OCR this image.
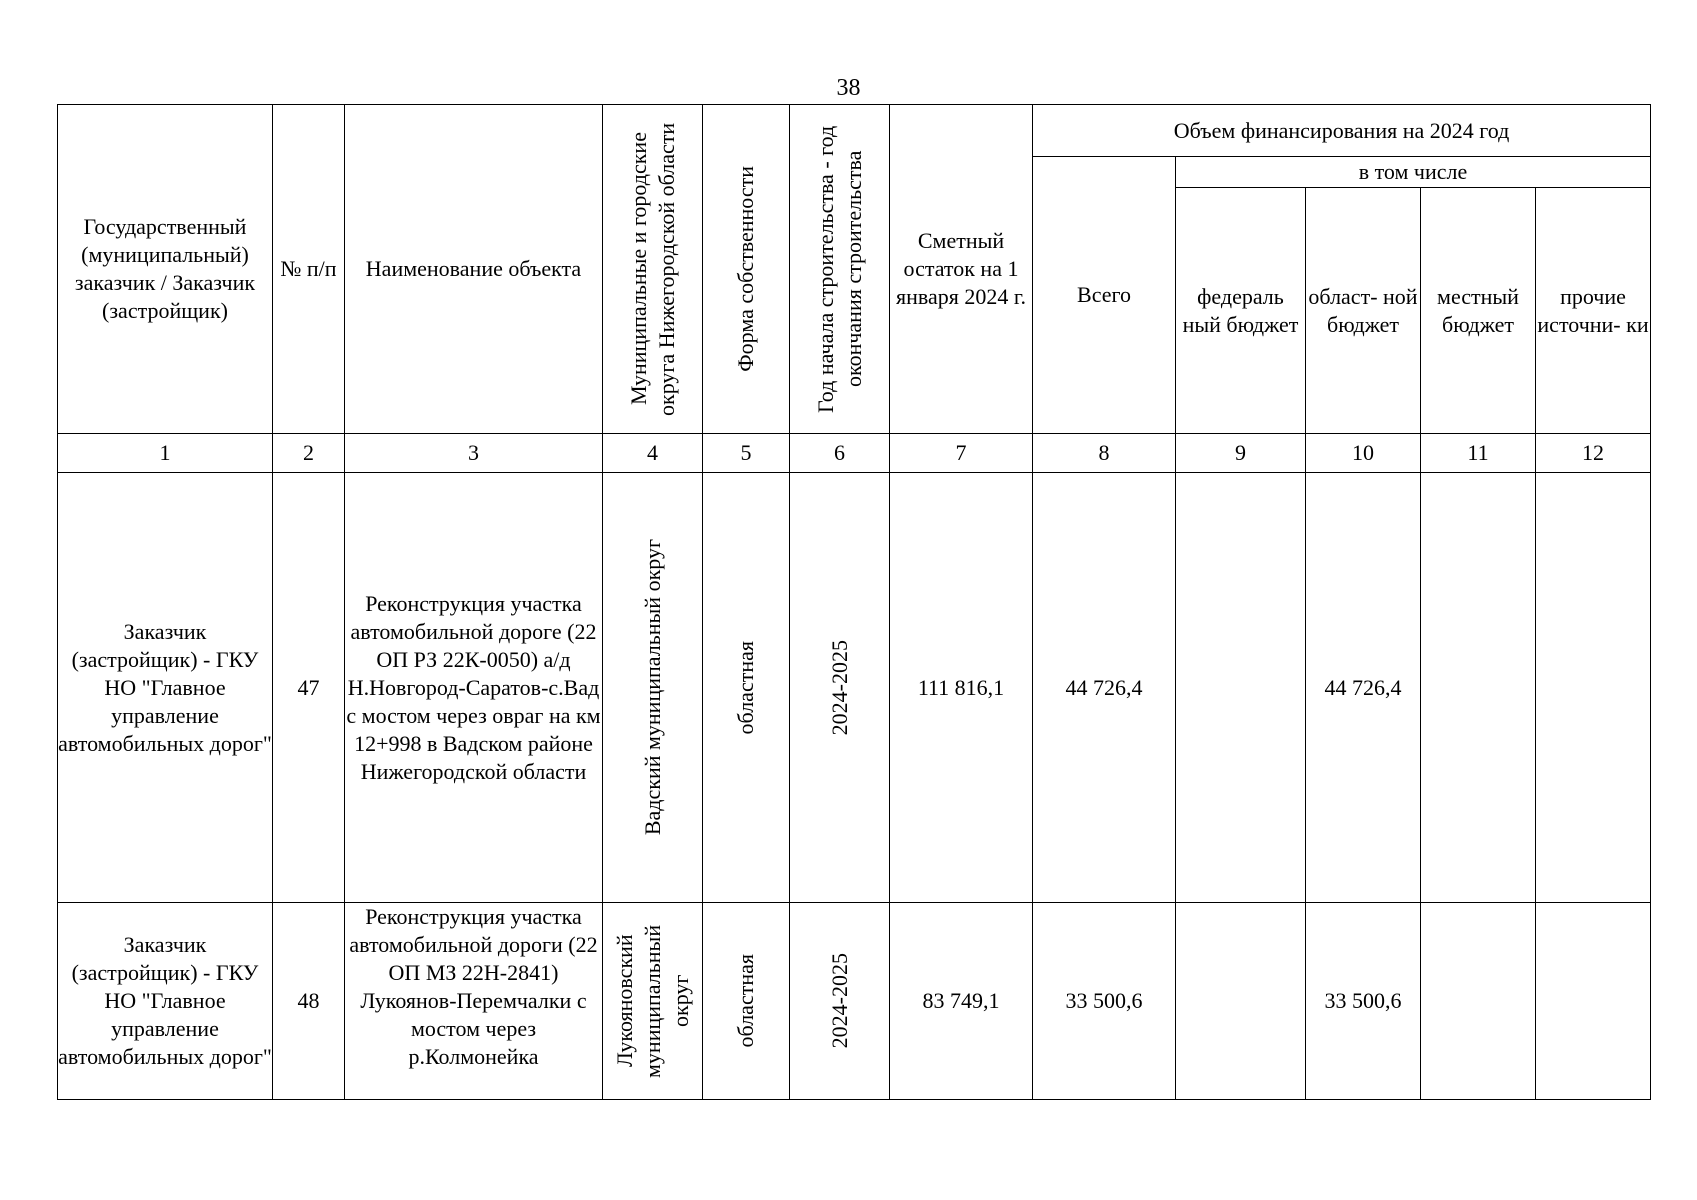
38
Государственный (муниципальный) заказчик / Заказчик (застройщик)	№ п/п	Наименование объекта	Муниципальные и городские округа Нижегородской области	Форма собственности	Год начала строительства - год окончания строительства	Сметный остаток на 1 января 2024 г.	Объем финансирования на 2024 год				
							Всего	в том числе			
								федераль ный бюджет	област- ной бюджет	местный бюджет	прочие источни- ки
1	2	3	4	5	6	7	8	9	10	11	12
Заказчик (застройщик) - ГКУ НО "Главное управление автомобильных дорог"	47	Реконструкция участка автомобильной дороге (22 ОП РЗ 22К-0050) а/д Н.Новгород-Саратов-с.Вад с мостом через овраг на км 12+998 в Вадском районе Нижегородской области	Вадский муниципальный округ	областная	2024-2025	111 816,1	44 726,4		44 726,4		
Заказчик (застройщик) - ГКУ НО "Главное управление автомобильных дорог"	48	Реконструкция участка автомобильной дороги (22 ОП МЗ 22Н-2841) Лукоянов-Перемчалки с мостом через р.Колмонейка	Лукояновский муниципальный округ	областная	2024-2025	83 749,1	33 500,6		33 500,6		
